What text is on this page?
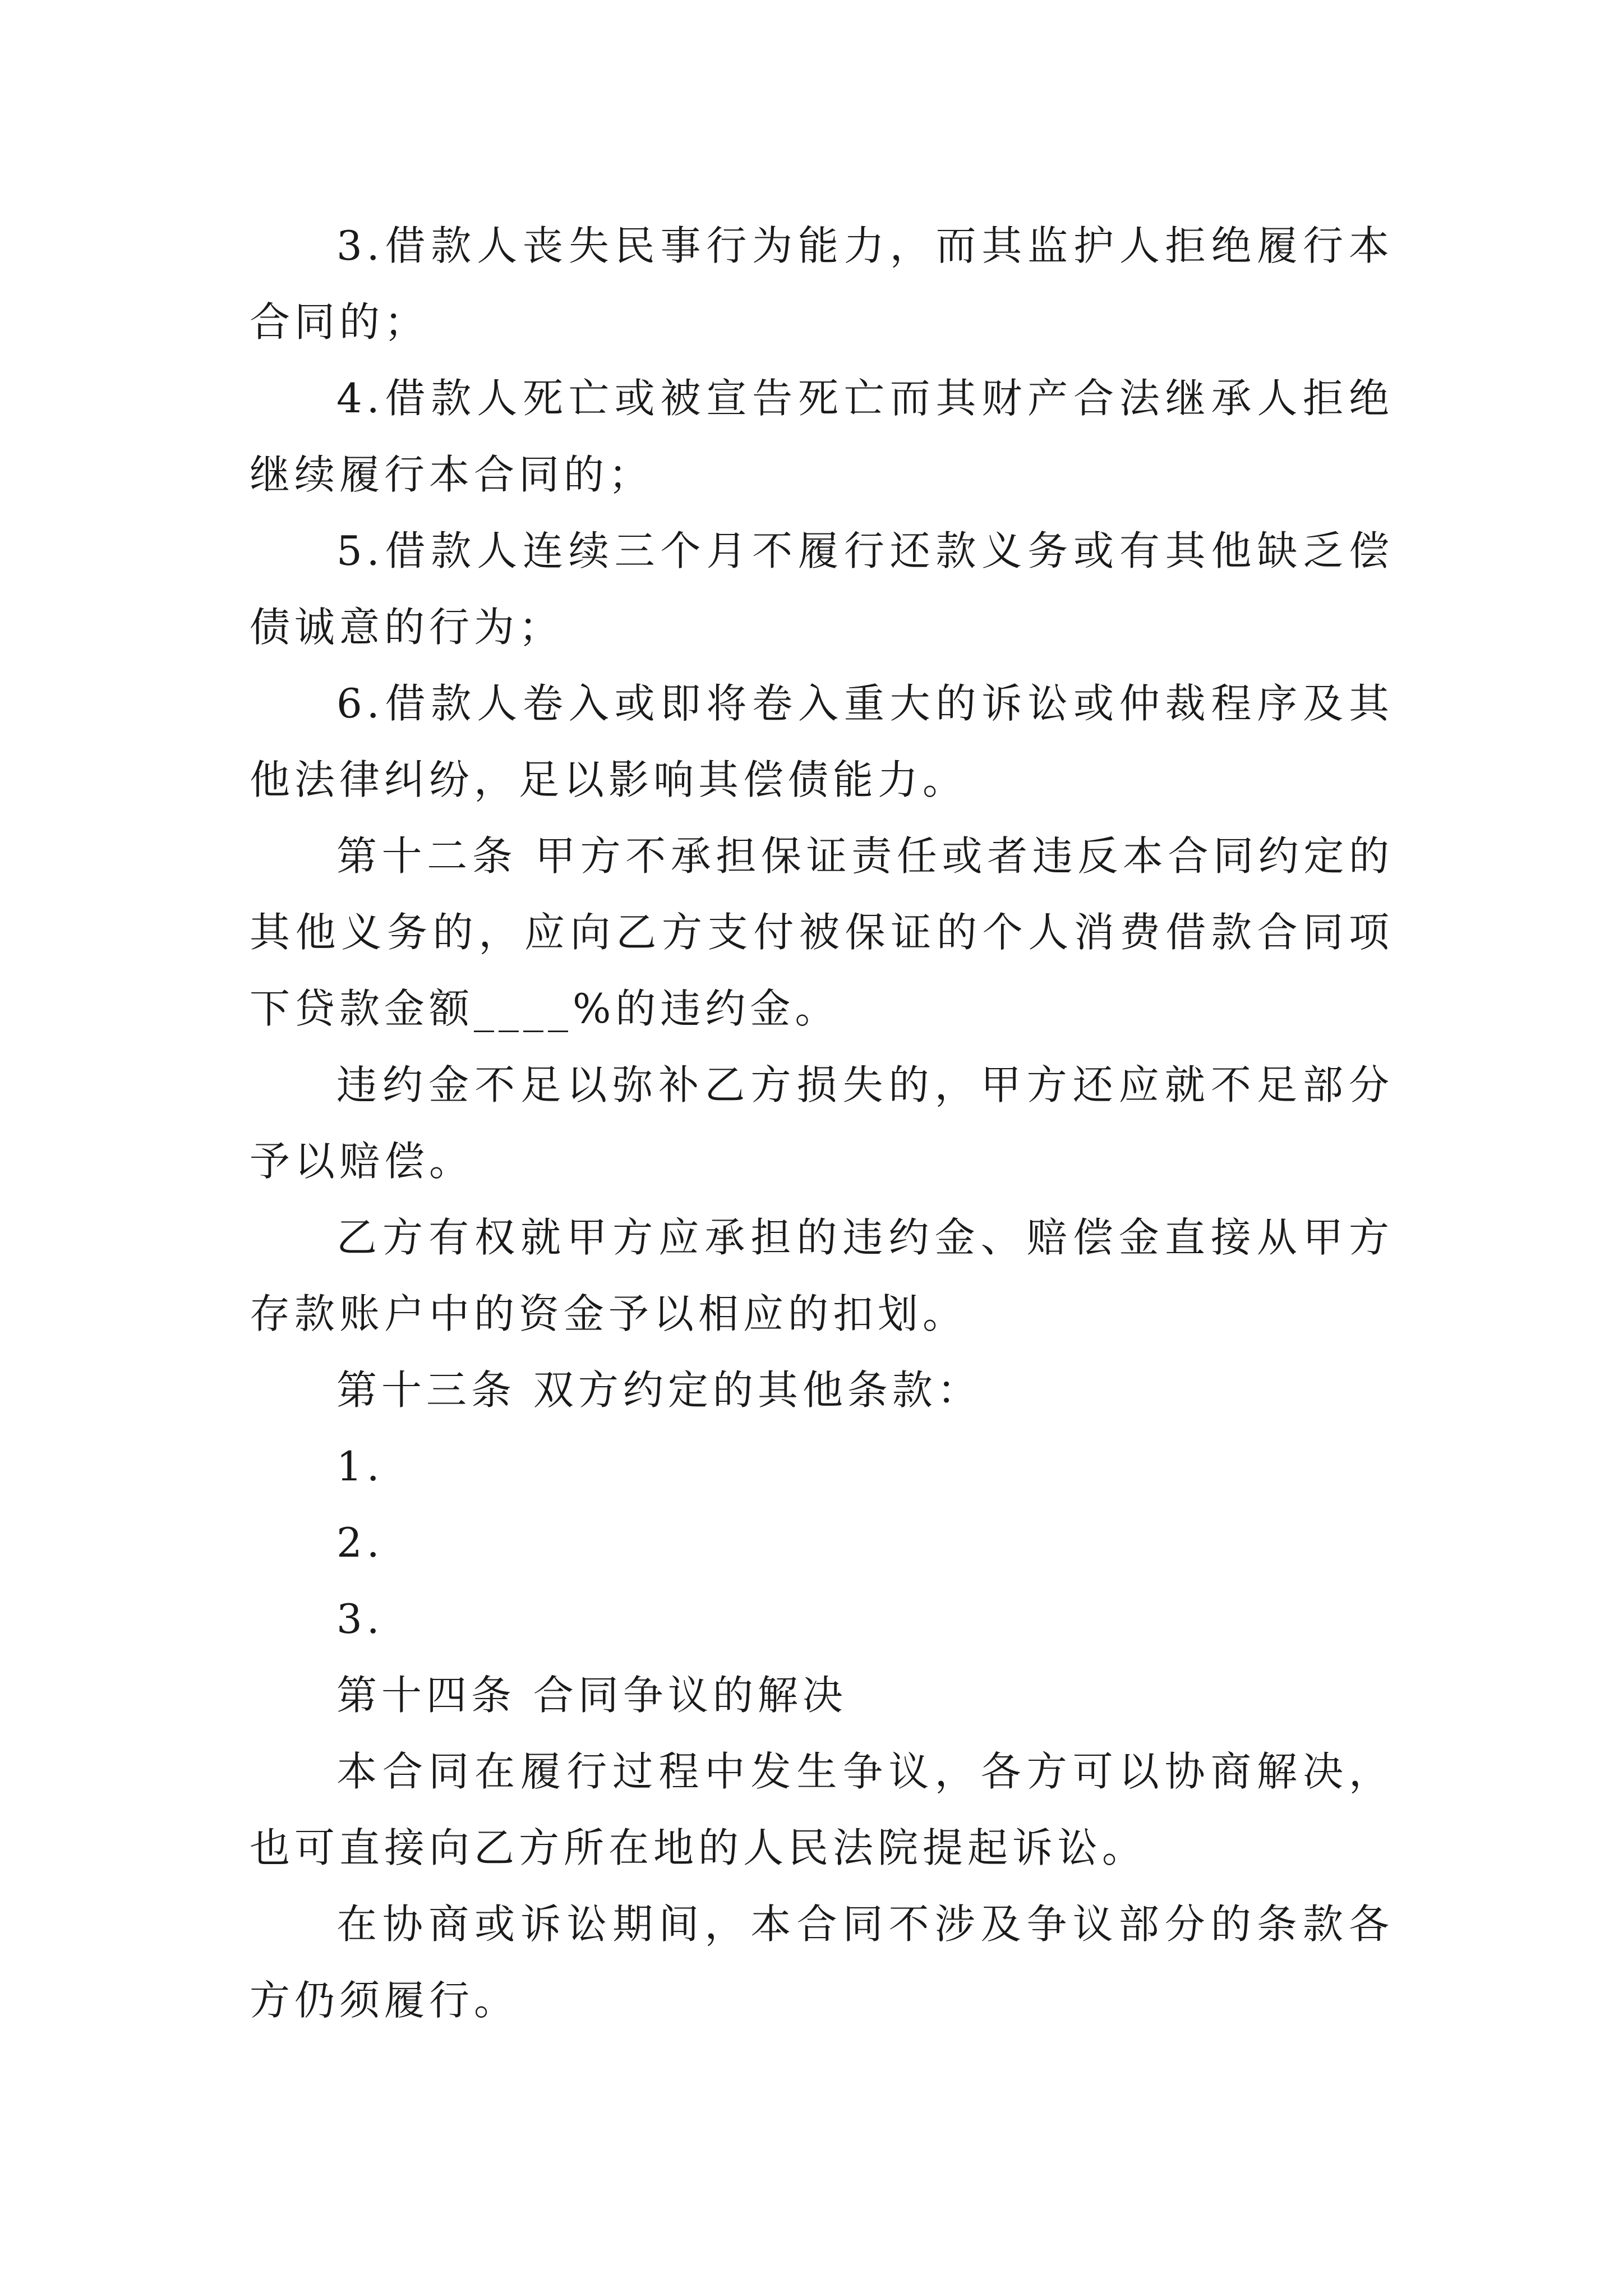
3.借款人丧失民事行为能力，而其监护人拒绝履行本合同的；

4.借款人死亡或被宣告死亡而其财产合法继承人拒绝继续履行本合同的；

5.借款人连续三个月不履行还款义务或有其他缺乏偿债诚意的行为；

6.借款人卷入或即将卷入重大的诉讼或仲裁程序及其他法律纠纷，足以影响其偿债能力。

第十二条 甲方不承担保证责任或者违反本合同约定的其他义务的，应向乙方支付被保证的个人消费借款合同项下贷款金额____%的违约金。

违约金不足以弥补乙方损失的，甲方还应就不足部分予以赔偿。

乙方有权就甲方应承担的违约金、赔偿金直接从甲方存款账户中的资金予以相应的扣划。

第十三条 双方约定的其他条款：

1.

2.

3.

第十四条 合同争议的解决

本合同在履行过程中发生争议，各方可以协商解决，也可直接向乙方所在地的人民法院提起诉讼。

在协商或诉讼期间，本合同不涉及争议部分的条款各方仍须履行。
